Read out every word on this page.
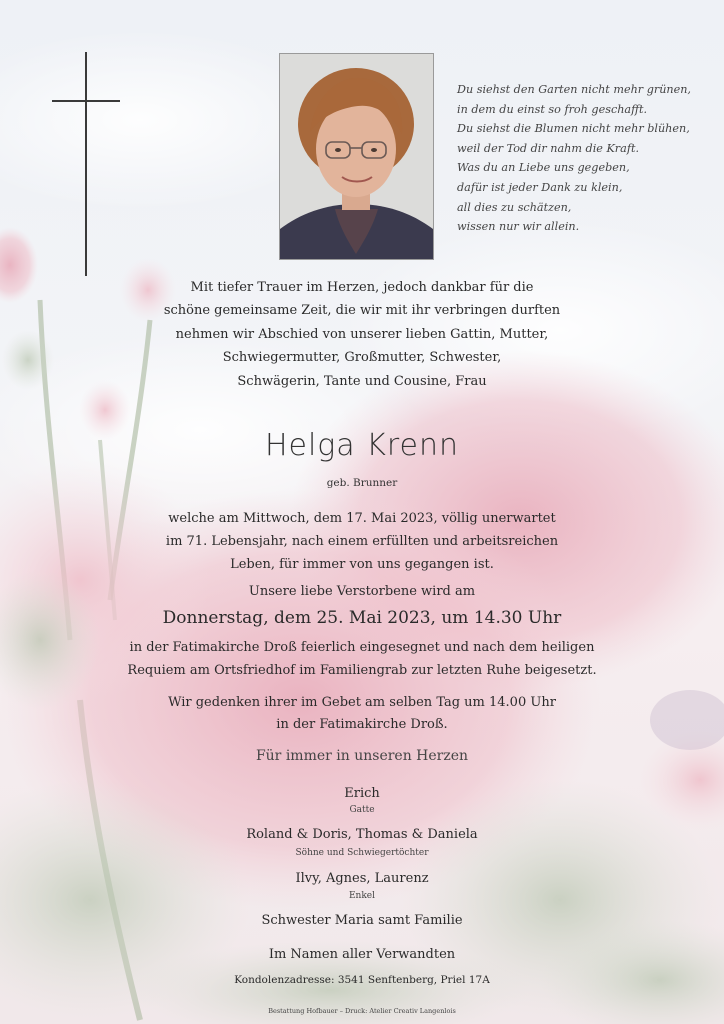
Du siehst den Garten nicht mehr grünen,
in dem du einst so froh geschafft.
Du siehst die Blumen nicht mehr blühen,
weil der Tod dir nahm die Kraft.
Was du an Liebe uns gegeben,
dafür ist jeder Dank zu klein,
all dies zu schätzen,
wissen nur wir allein.
Mit tiefer Trauer im Herzen, jedoch dankbar für die
schöne gemeinsame Zeit, die wir mit ihr verbringen durften
nehmen wir Abschied von unserer lieben Gattin, Mutter,
Schwiegermutter, Großmutter, Schwester,
Schwägerin, Tante und Cousine, Frau
Helga Krenn
geb. Brunner
welche am Mittwoch, dem 17. Mai 2023, völlig unerwartet
im 71. Lebensjahr, nach einem erfüllten und arbeitsreichen
Leben, für immer von uns gegangen ist.
Unsere liebe Verstorbene wird am
Donnerstag, dem 25. Mai 2023, um 14.30 Uhr
in der Fatimakirche Droß feierlich eingesegnet und nach dem heiligen
Requiem am Ortsfriedhof im Familiengrab zur letzten Ruhe beigesetzt.
Wir gedenken ihrer im Gebet am selben Tag um 14.00 Uhr
in der Fatimakirche Droß.
Für immer in unseren Herzen
Erich
Gatte
Roland & Doris, Thomas & Daniela
Söhne und Schwiegertöchter
Ilvy, Agnes, Laurenz
Enkel
Schwester Maria samt Familie
Im Namen aller Verwandten
Kondolenzadresse: 3541 Senftenberg, Priel 17A
Bestattung Hofbauer – Druck: Atelier Creativ Langenlois
